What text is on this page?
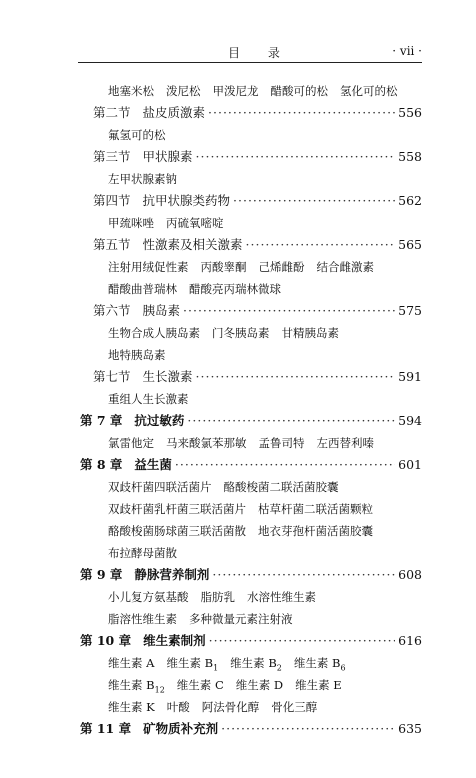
目 录	· vii ·
地塞米松 泼尼松 甲泼尼龙 醋酸可的松 氢化可的松
第二节 盐皮质激素 ·····	556
氟氢可的松
第三节 甲状腺素 ·····	558
左甲状腺素钠
第四节 抗甲状腺类药物 ·····	562
甲巯咪唑 丙硫氧嘧啶
第五节 性激素及相关激素 ·····	565
注射用绒促性素 丙酸睾酮 己烯雌酚 结合雌激素
醋酸曲普瑞林 醋酸亮丙瑞林微球
第六节 胰岛素 ·····	575
生物合成人胰岛素 门冬胰岛素 甘精胰岛素
地特胰岛素
第七节 生长激素 ·····	591
重组人生长激素
第 7 章 抗过敏药 ·····	594
氯雷他定 马来酸氯苯那敏 孟鲁司特 左西替利嗪
第 8 章 益生菌 ·····	601
双歧杆菌四联活菌片 酪酸梭菌二联活菌胶囊
双歧杆菌乳杆菌三联活菌片 枯草杆菌二联活菌颗粒
酪酸梭菌肠球菌三联活菌散 地衣芽孢杆菌活菌胶囊
布拉酵母菌散
第 9 章 静脉营养制剂 ·····	608
小儿复方氨基酸 脂肪乳 水溶性维生素
脂溶性维生素 多种微量元素注射液
第 10 章 维生素制剂 ·····	616
维生素 A 维生素 $B_1$ 维生素 $B_2$ 维生素 $B_6$
维生素 $B_{12}$ 维生素 C 维生素 D 维生素 E
维生素 K 叶酸 阿法骨化醇 骨化三醇
第 11 章 矿物质补充剂 ·····	635
